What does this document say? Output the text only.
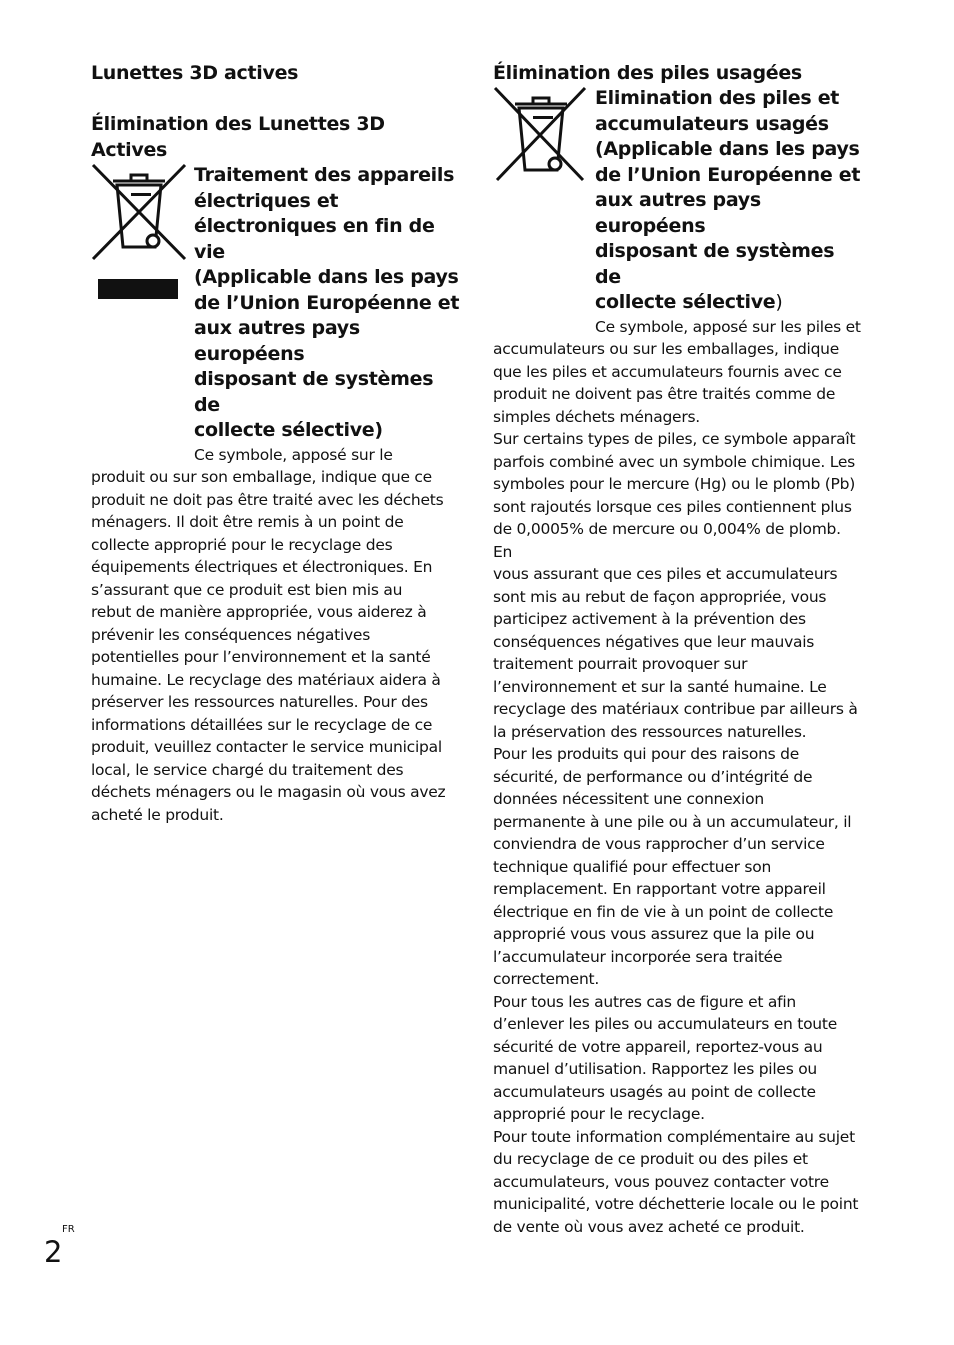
Lunettes 3D actives

Élimination des Lunettes 3D Actives

Traitement des appareils
électriques et
électroniques en fin de vie
(Applicable dans les pays
de l’Union Européenne et
aux autres pays européens
disposant de systèmes de
collecte sélective)
Ce symbole, apposé sur le
produit ou sur son emballage, indique que ce
produit ne doit pas être traité avec les déchets
ménagers. Il doit être remis à un point de
collecte approprié pour le recyclage des
équipements électriques et électroniques. En
s’assurant que ce produit est bien mis au
rebut de manière appropriée, vous aiderez à
prévenir les conséquences négatives
potentielles pour l’environnement et la santé
humaine. Le recyclage des matériaux aidera à
préserver les ressources naturelles. Pour des
informations détaillées sur le recyclage de ce
produit, veuillez contacter le service municipal
local, le service chargé du traitement des
déchets ménagers ou le magasin où vous avez
acheté le produit.

Élimination des piles usagées

Elimination des piles et
accumulateurs usagés
(Applicable dans les pays
de l’Union Européenne et
aux autres pays européens
disposant de systèmes de
collecte sélective)
Ce symbole, apposé sur les piles et
accumulateurs ou sur les emballages, indique
que les piles et accumulateurs fournis avec ce
produit ne doivent pas être traités comme de
simples déchets ménagers.
Sur certains types de piles, ce symbole apparaît
parfois combiné avec un symbole chimique. Les
symboles pour le mercure (Hg) ou le plomb (Pb)
sont rajoutés lorsque ces piles contiennent plus
de 0,0005% de mercure ou 0,004% de plomb. En
vous assurant que ces piles et accumulateurs
sont mis au rebut de façon appropriée, vous
participez activement à la prévention des
conséquences négatives que leur mauvais
traitement pourrait provoquer sur
l’environnement et sur la santé humaine. Le
recyclage des matériaux contribue par ailleurs à
la préservation des ressources naturelles.
Pour les produits qui pour des raisons de
sécurité, de performance ou d’intégrité de
données nécessitent une connexion
permanente à une pile ou à un accumulateur, il
conviendra de vous rapprocher d’un service
technique qualifié pour effectuer son
remplacement. En rapportant votre appareil
électrique en fin de vie à un point de collecte
approprié vous vous assurez que la pile ou
l’accumulateur incorporée sera traitée
correctement.
Pour tous les autres cas de figure et afin
d’enlever les piles ou accumulateurs en toute
sécurité de votre appareil, reportez-vous au
manuel d’utilisation. Rapportez les piles ou
accumulateurs usagés au point de collecte
approprié pour le recyclage.
Pour toute information complémentaire au sujet
du recyclage de ce produit ou des piles et
accumulateurs, vous pouvez contacter votre
municipalité, votre déchetterie locale ou le point
de vente où vous avez acheté ce produit.
FR
2
